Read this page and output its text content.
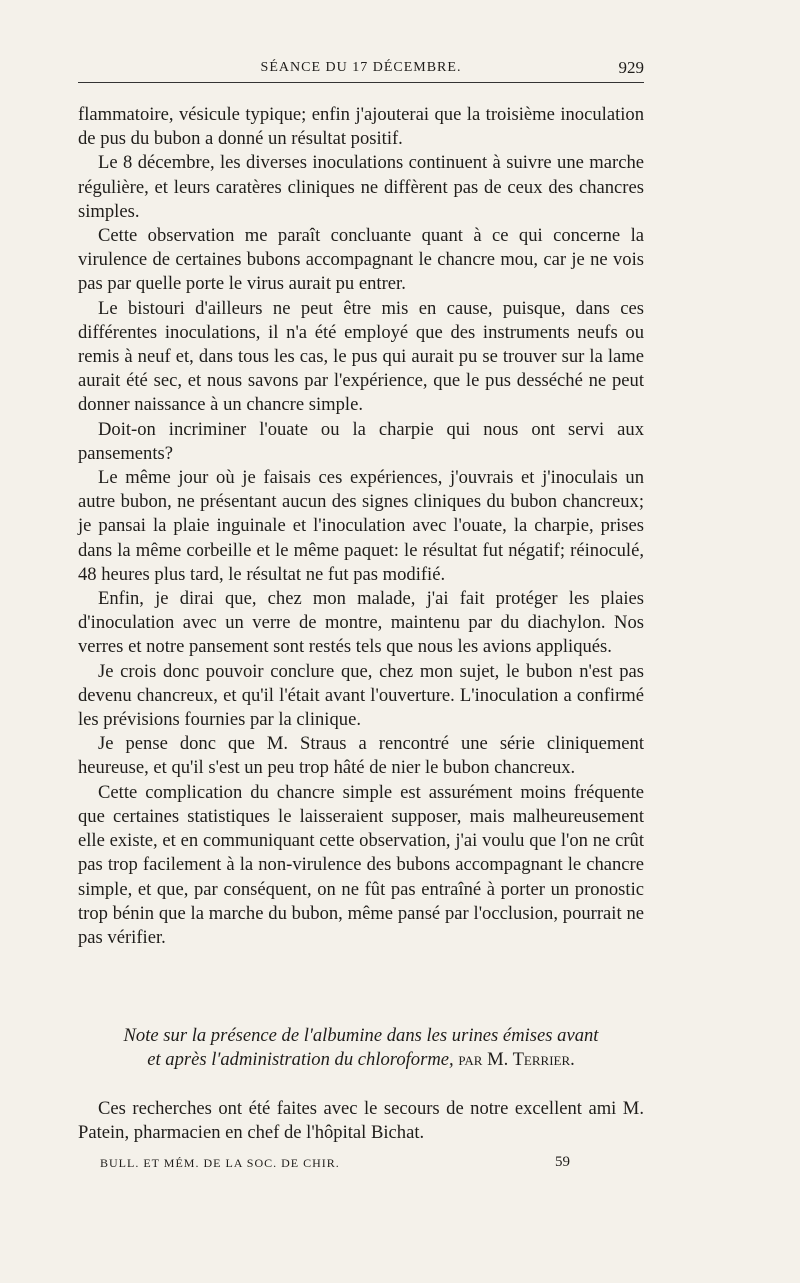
SÉANCE DU 17 DÉCEMBRE.	929

flammatoire, vésicule typique; enfin j'ajouterai que la troisième inoculation de pus du bubon a donné un résultat positif.

Le 8 décembre, les diverses inoculations continuent à suivre une marche régulière, et leurs caratères cliniques ne diffèrent pas de ceux des chancres simples.

Cette observation me paraît concluante quant à ce qui concerne la virulence de certaines bubons accompagnant le chancre mou, car je ne vois pas par quelle porte le virus aurait pu entrer.

Le bistouri d'ailleurs ne peut être mis en cause, puisque, dans ces différentes inoculations, il n'a été employé que des instruments neufs ou remis à neuf et, dans tous les cas, le pus qui aurait pu se trouver sur la lame aurait été sec, et nous savons par l'expérience, que le pus desséché ne peut donner naissance à un chancre simple.

Doit-on incriminer l'ouate ou la charpie qui nous ont servi aux pansements?

Le même jour où je faisais ces expériences, j'ouvrais et j'inoculais un autre bubon, ne présentant aucun des signes cliniques du bubon chancreux; je pansai la plaie inguinale et l'inoculation avec l'ouate, la charpie, prises dans la même corbeille et le même paquet: le résultat fut négatif; réinoculé, 48 heures plus tard, le résultat ne fut pas modifié.

Enfin, je dirai que, chez mon malade, j'ai fait protéger les plaies d'inoculation avec un verre de montre, maintenu par du diachylon. Nos verres et notre pansement sont restés tels que nous les avions appliqués.

Je crois donc pouvoir conclure que, chez mon sujet, le bubon n'est pas devenu chancreux, et qu'il l'était avant l'ouverture. L'inoculation a confirmé les prévisions fournies par la clinique.

Je pense donc que M. Straus a rencontré une série cliniquement heureuse, et qu'il s'est un peu trop hâté de nier le bubon chancreux.

Cette complication du chancre simple est assurément moins fréquente que certaines statistiques le laisseraient supposer, mais malheureusement elle existe, et en communiquant cette observation, j'ai voulu que l'on ne crût pas trop facilement à la non-virulence des bubons accompagnant le chancre simple, et que, par conséquent, on ne fût pas entraîné à porter un pronostic trop bénin que la marche du bubon, même pansé par l'occlusion, pourrait ne pas vérifier.

Note sur la présence de l'albumine dans les urines émises avant
et après l'administration du chloroforme, par M. Terrier.

Ces recherches ont été faites avec le secours de notre excellent ami M. Patein, pharmacien en chef de l'hôpital Bichat.

BULL. ET MÉM. DE LA SOC. DE CHIR.	59
